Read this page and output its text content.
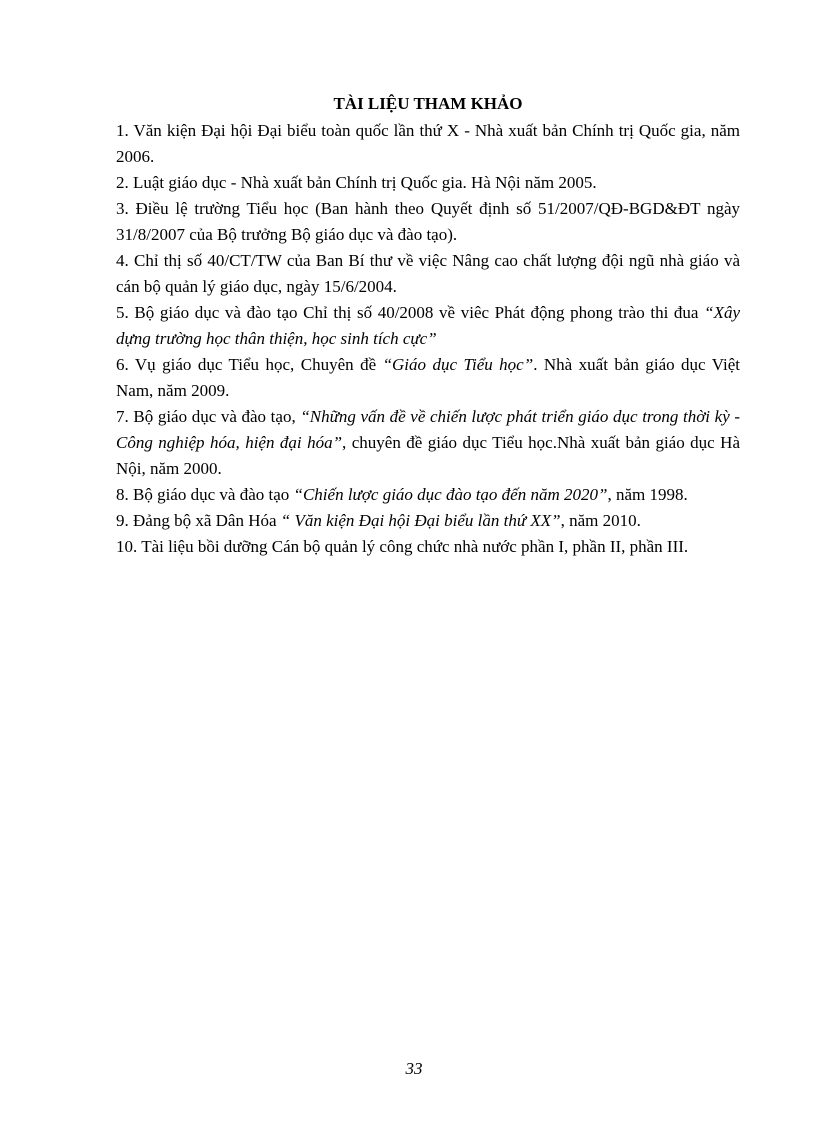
TÀI LIỆU THAM KHẢO

1. Văn kiện Đại hội Đại biểu toàn quốc lần thứ X - Nhà xuất bản Chính trị Quốc gia, năm 2006.

2. Luật giáo dục - Nhà xuất bản Chính trị Quốc gia. Hà Nội năm 2005.

3. Điều lệ trường Tiểu học (Ban hành theo Quyết định số 51/2007/QĐ-BGD&ĐT ngày 31/8/2007 của Bộ trưởng Bộ giáo dục và đào tạo).

4. Chỉ thị số 40/CT/TW của Ban Bí thư về việc Nâng cao chất lượng đội ngũ nhà giáo và cán bộ quản lý giáo dục, ngày 15/6/2004.

5. Bộ giáo dục và đào tạo Chỉ thị số 40/2008 về viêc Phát động phong trào thi đua “Xây dựng trường học thân thiện, học sinh tích cực”

6. Vụ giáo dục Tiểu học, Chuyên đề “Giáo dục Tiểu học”. Nhà xuất bản giáo dục Việt Nam, năm 2009.

7. Bộ giáo dục và đào tạo, “Những vấn đề về chiến lược phát triển giáo dục trong thời kỳ - Công nghiệp hóa, hiện đại hóa”, chuyên đề giáo dục Tiểu học.Nhà xuất bản giáo dục Hà Nội, năm 2000.

8. Bộ giáo dục và đào tạo “Chiến lược giáo dục đào tạo đến năm 2020”, năm 1998.

9. Đảng bộ xã Dân Hóa “ Văn kiện Đại hội Đại biểu lần thứ XX”, năm 2010.

10. Tài liệu bồi dưỡng Cán bộ quản lý công chức nhà nước phần I, phần II, phần III.

33
